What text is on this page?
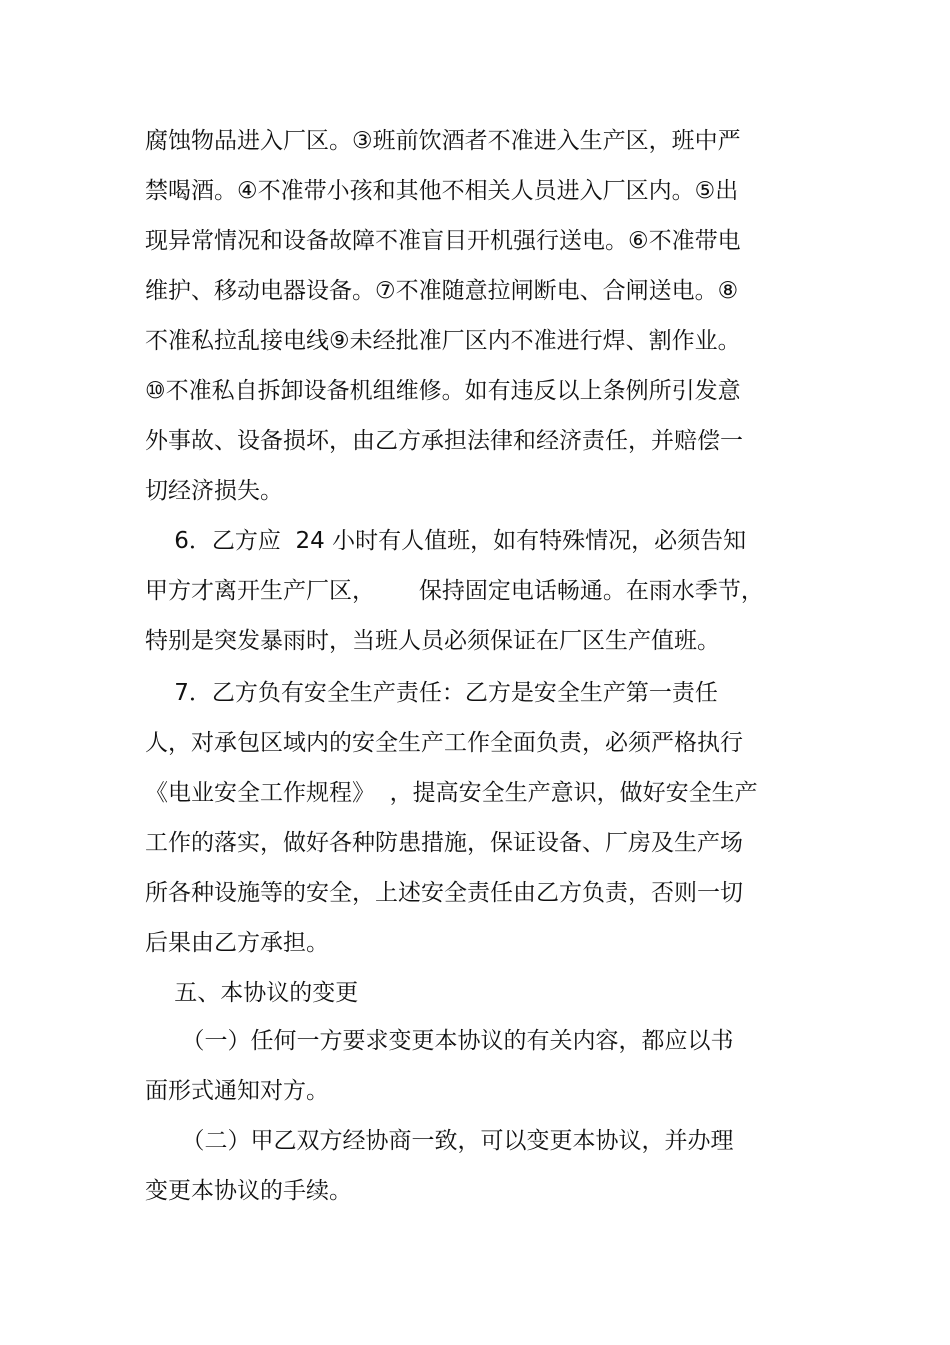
腐蚀物品进入厂区。③班前饮酒者不准进入生产区，班中严
禁喝酒。④不准带小孩和其他不相关人员进入厂区内。⑤出
现异常情况和设备故障不准盲目开机强行送电。⑥不准带电
维护、移动电器设备。⑦不准随意拉闸断电、合闸送电。⑧
不准私拉乱接电线⑨未经批准厂区内不准进行焊、割作业。
⑩不准私自拆卸设备机组维修。如有违反以上条例所引发意
外事故、设备损坏，由乙方承担法律和经济责任，并赔偿一
切经济损失。
6．乙方应  24 小时有人值班，如有特殊情况，必须告知
甲方才离开生产厂区，      保持固定电话畅通。在雨水季节，
特别是突发暴雨时，当班人员必须保证在厂区生产值班。
7．乙方负有安全生产责任：乙方是安全生产第一责任
人，对承包区域内的安全生产工作全面负责，必须严格执行
《电业安全工作规程》  ，提高安全生产意识，做好安全生产
工作的落实，做好各种防患措施，保证设备、厂房及生产场
所各种设施等的安全，上述安全责任由乙方负责，否则一切
后果由乙方承担。
五、本协议的变更
（一）任何一方要求变更本协议的有关内容，都应以书
面形式通知对方。
（二）甲乙双方经协商一致，可以变更本协议，并办理
变更本协议的手续。
